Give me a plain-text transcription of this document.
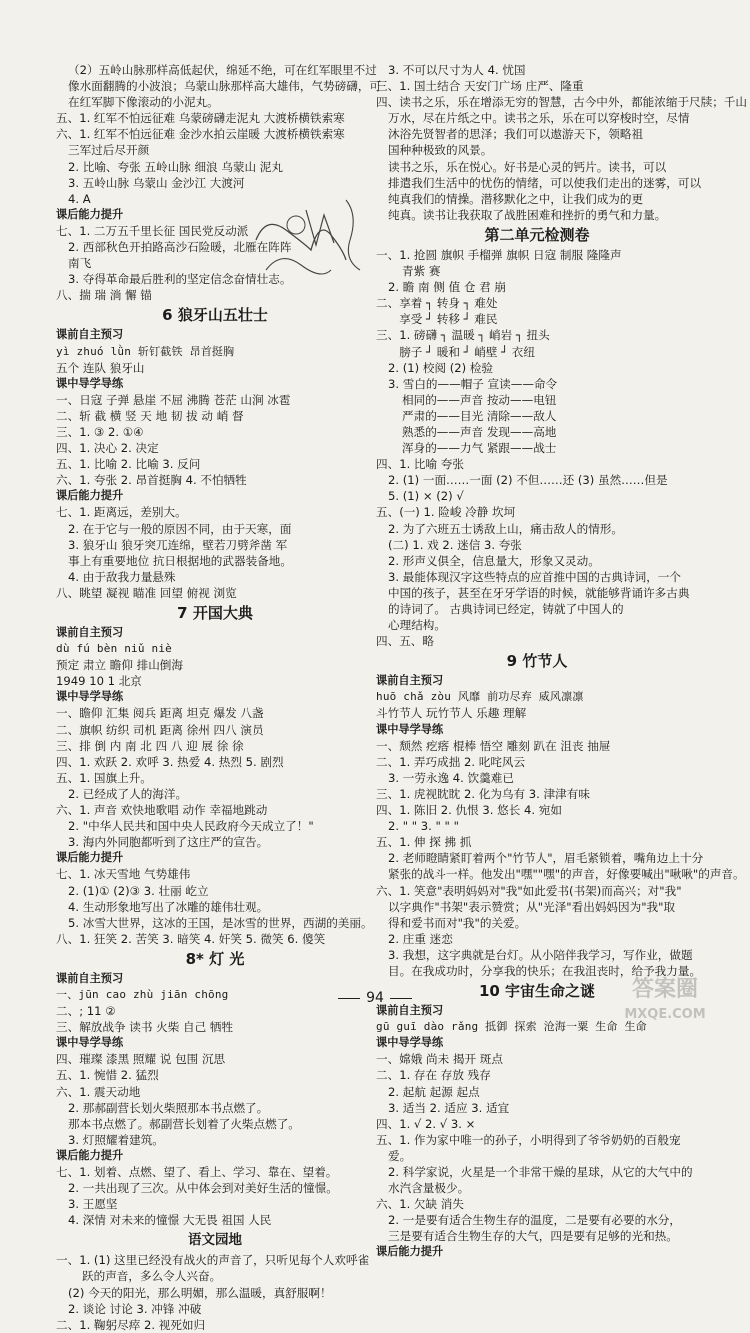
（2）五岭山脉那样高低起伏，绵延不绝，可在红军眼里不过
像水面翻腾的小波浪；乌蒙山脉那样高大雄伟，气势磅礴，可
在红军脚下像滚动的小泥丸。
五、1. 红军不怕远征难 乌蒙磅礴走泥丸 大渡桥横铁索寒
六、1. 红军不怕远征难 金沙水拍云崖暖 大渡桥横铁索寒
三军过后尽开颜
2. 比喻、夸张 五岭山脉 细浪 乌蒙山 泥丸
3. 五岭山脉 乌蒙山 金沙江 大渡河
4. A
课后能力提升
七、1. 二万五千里长征 国民党反动派
2. 西部秋色开拍路高沙石险暖，北雁在阵阵
南飞
3. 夺得革命最后胜利的坚定信念奋情壮志。
八、揣 瑞 淌 懈 锚
6 狼牙山五壮士
课前自主预习
yì zhuó lǜn 斩钉截铁 昂首挺胸
五个 连队 狼牙山
课中导学导练
一、日寇 子弹 悬崖 不屈 沸腾 苍茫 山涧 冰雹
二、斩 截 横 竖 天 地 韧 拔 动 峭 督
三、1. ③ 2. ①④
四、1. 决心 2. 决定
五、1. 比喻 2. 比喻 3. 反问
六、1. 夸张 2. 昂首挺胸 4. 不怕牺牲
课后能力提升
七、1. 距离远，差别大。
2. 在于它与一般的原因不同，由于天寒，面
3. 狼牙山 狼牙突兀连绵，壁若刀劈斧凿 军
事上有重要地位 抗日根据地的武器装备地。
4. 由于敌我力量悬殊
八、眺望 凝视 瞄准 回望 俯视 浏览
7 开国大典
课前自主预习
dù fú bèn niǔ niè
预定 肃立 瞻仰 排山倒海
1949 10 1 北京
课中导学导练
一、瞻仰 汇集 阅兵 距离 坦克 爆发 八盏
二、旗帜 纺织 司机 距离 徐州 四八 演员
三、排 倒 内 南 北 四 八 迎 展 徐 徐
四、1. 欢跃 2. 欢呼 3. 热爱 4. 热烈 5. 剧烈
五、1. 国旗上升。
2. 已经成了人的海洋。
六、1. 声音 欢快地歌唱 动作 幸福地跳动
2. "中华人民共和国中央人民政府今天成立了！"
3. 海内外同胞都听到了这庄严的宣告。
课后能力提升
七、1. 冰天雪地 气势雄伟
2. (1)① (2)③ 3. 壮丽 屹立
4. 生动形象地写出了冰雕的雄伟壮观。
5. 冰雪大世界，这冰的王国，是冰雪的世界，西湖的美丽。
八、1. 狂笑 2. 苦笑 3. 暗笑 4. 奸笑 5. 微笑 6. 傻笑
8* 灯 光
课前自主预习
一、jūn cao zhù jiān chōng
二、; 11 ②
三、解放战争 读书 火柴 自己 牺牲
课中导学导练
四、璀璨 漆黑 照耀 说 包围 沉思
五、1. 惋惜 2. 猛烈
六、1. 震天动地
2. 那郝副营长划火柴照那本书点燃了。
那本书点燃了。郝副营长划着了火柴点燃了。
3. 灯照耀着建筑。
课后能力提升
七、1. 划着、点燃、望了、看上、学习、靠在、望着。
2. 一共出现了三次。从中体会到对美好生活的憧憬。
3. 王愿坚
4. 深情 对未来的憧憬 大无畏 祖国 人民
语文园地
一、1. (1) 这里已经没有战火的声音了，只听见每个人欢呼雀
跃的声音，多么令人兴奋。
(2) 今天的阳光，那么明媚，那么温暖，真舒服啊！
2. 谈论 讨论 3. 冲锋 冲破
二、1. 鞠躬尽瘁 2. 视死如归
3. 不可以尺寸为人 4. 忧国
三、1. 国土结合 天安门广场 庄严、隆重
四、读书之乐，乐在增添无穷的智慧，古今中外，都能浓缩于尺牍；千山
万水，尽在片纸之中。读书之乐，乐在可以穿梭时空，尽情
沐浴先贤智者的思泽；我们可以遨游天下，领略祖
国种种极致的风景。
读书之乐，乐在悦心。好书是心灵的钙片。读书，可以
排遣我们生活中的忧伤的情绪，可以使我们走出的迷雾，可以
纯真我们的情操。潜移默化之中，让我们成为的更
纯真。读书让我获取了战胜困难和挫折的勇气和力量。
第二单元检测卷
一、1. 抢圆 旗帜 手榴弹 旗帜 日寇 制服 隆隆声
青紫 赛
2. 瞻 南 侧 值 仓 君 崩
二、享着 ┐ 转身 ┐ 难处
　　享受 ┘ 转移 ┘ 难民
三、1. 磅礴 ┐ 温暖 ┐ 峭岩 ┐ 扭头
　　膀子 ┘ 暖和 ┘ 峭壁 ┘ 衣纽
2. (1) 校阅 (2) 检验
3. 雪白的——帽子 宣读——命令
相同的——声音 按动——电钮
严肃的——目光 清除——敌人
熟悉的——声音 发现——高地
浑身的——力气 紧跟——战士
四、1. 比喻 夸张
2. (1) 一面……一面 (2) 不但……还 (3) 虽然……但是
5. (1) × (2) √
五、(一) 1. 险峻 冷静 坎坷
2. 为了六班五士诱敌上山，痛击敌人的情形。
(二) 1. 戏 2. 迷信 3. 夸张
2. 形声义俱全，信息量大，形象又灵动。
3. 最能体现汉字这些特点的应首推中国的古典诗词，一个
中国的孩子，甚至在牙牙学语的时候，就能够背诵许多古典
的诗词了。 古典诗词已经定，铸就了中国人的
心理结构。
四、五、略
9 竹节人
课前自主预习
huō chǎ zòu 风靡 前功尽弃 威风凛凛
斗竹节人 玩竹节人 乐趣 理解
课中导学导练
一、颓然 疙瘩 棍棒 悟空 雕刻 趴在 沮丧 抽屉
二、1. 弄巧成拙 2. 叱咤风云
3. 一劳永逸 4. 饮羹难已
三、1. 虎视眈眈 2. 化为乌有 3. 津津有味
四、1. 陈旧 2. 仇恨 3. 悠长 4. 宛如
2. " " 3. " " "
五、1. 伸 探 拂 抓
2. 老师瞪睛紧盯着两个"竹节人"，眉毛紧锁着，嘴角边上十分
紧张的战斗一样。他发出"嘿""嘿"的声音，好像要喊出"啾啾"的声音。
六、1. 笑意"表明妈妈对"我"如此爱书(书架)而高兴；对"我"
以字典作"书架"表示赞赏；从"光泽"看出妈妈因为"我"取
得和爱书而对"我"的关爱。
2. 庄重 迷恋
3. 我想，这字典就是台灯。从小陪伴我学习，写作业，做题
目。在我成功时，分享我的快乐；在我沮丧时，给予我力量。
10 宇宙生命之谜
课前自主预习
gū guī dào rǎng 抵御 探索 沧海一粟 生命 生命
课中导学导练
一、嫦娥 尚未 揭开 斑点
二、1. 存在 存放 残存
2. 起航 起源 起点
3. 适当 2. 适应 3. 适宜
四、1. √ 2. √ 3. ×
五、1. 作为家中唯一的孙子，小明得到了爷爷奶奶的百般宠
爱。
2. 科学家说，火星是一个非常干燥的星球，从它的大气中的
水汽含量极少。
六、1. 欠缺 消失
2. 一是要有适合生物生存的温度，二是要有必要的水分，
三是要有适合生物生存的大气，四是要有足够的光和热。
课后能力提升
94	答案圈
MXQE.COM
